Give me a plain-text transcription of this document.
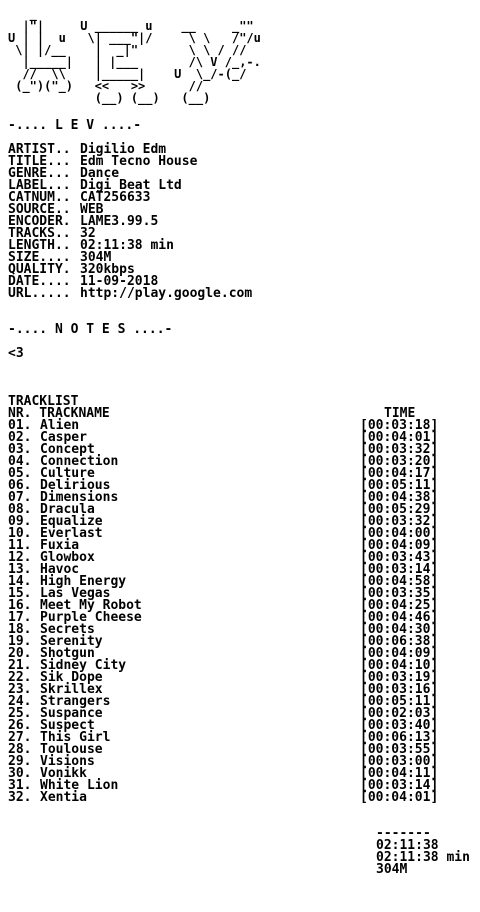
_
|"|     U ______ u    __     _""
U | |  u   \| ___"|/     \ \   /"/u
\| |/__    |  _|"       \ \ / //
|_____|   | |___       /\ V /_,-.
//  \\    |_____|    U  \_/-(_/
(_")("_)   <<   >>      //
(__) (__)   (__)
-.... L E V ....-
ARTIST.. Digilio Edm
TITLE... Edm Tecno House
GENRE... Dance
LABEL... Digi Beat Ltd
CATNUM.. CAT256633
SOURCE.. WEB
ENCODER. LAME3.99.5
TRACKS.. 32
LENGTH.. 02:11:38 min
SIZE.... 304M
QUALITY. 320kbps
DATE.... 11-09-2018
URL..... http://play.google.com
-.... N O T E S ....-
<3
TRACKLIST
NR. TRACKNAME	TIME
01. Alien	[00:03:18]
02. Casper	[00:04:01]
03. Concept	[00:03:32]
04. Connection	[00:03:20]
05. Culture	[00:04:17]
06. Delirious	[00:05:11]
07. Dimensions	[00:04:38]
08. Dracula	[00:05:29]
09. Equalize	[00:03:32]
10. Everlast	[00:04:00]
11. Fuxia	[00:04:09]
12. Glowbox	[00:03:43]
13. Havoc	[00:03:14]
14. High Energy	[00:04:58]
15. Las Vegas	[00:03:35]
16. Meet My Robot	[00:04:25]
17. Purple Cheese	[00:04:46]
18. Secrets	[00:04:30]
19. Serenity	[00:06:38]
20. Shotgun	[00:04:09]
21. Sidney City	[00:04:10]
22. Sik Dope	[00:03:19]
23. Skrillex	[00:03:16]
24. Strangers	[00:05:11]
25. Suspance	[00:02:03]
26. Suspect	[00:03:40]
27. This Girl	[00:06:13]
28. Toulouse	[00:03:55]
29. Visions	[00:03:00]
30. Vonikk	[00:04:11]
31. White Lion	[00:03:14]
32. Xentia	[00:04:01]
-------
02:11:38
02:11:38 min
304M
